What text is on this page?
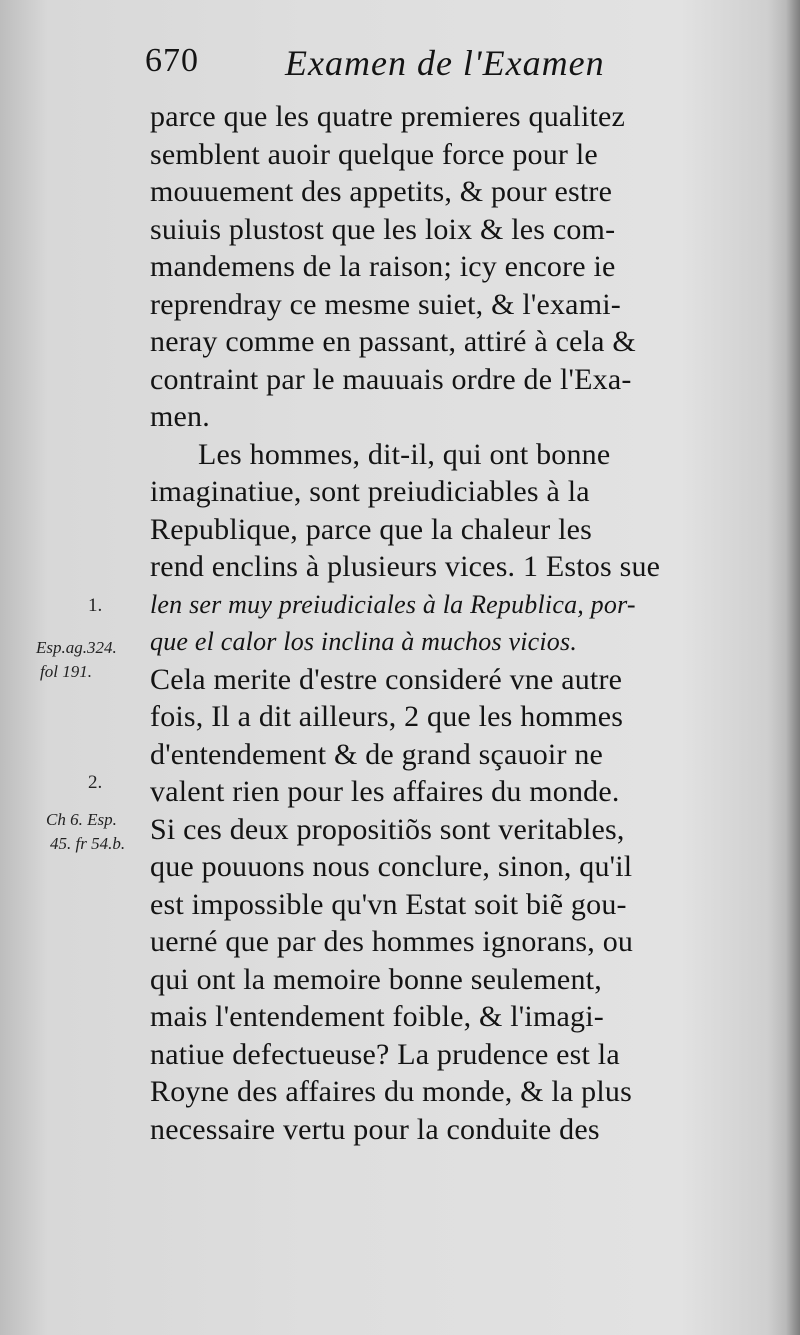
670 Examen de l'Examen
1.
Esp.ag.324.
fol 191.
2.
Ch 6. Esp.
45. fr 54.b.
parce que les quatre premieres qualitez
semblent auoir quelque force pour le
mouuement des appetits, & pour estre
suiuis plustost que les loix & les com-
mandemens de la raison; icy encore ie
reprendray ce mesme suiet, & l'exami-
neray comme en passant, attiré à cela &
contraint par le mauuais ordre de l'Exa-
men.
Les hommes, dit-il, qui ont bonne
imaginatiue, sont preiudiciables à la
Republique, parce que la chaleur les
rend enclins à plusieurs vices. 1 Estos sue
len ser muy preiudiciales à la Republica, por-
que el calor los inclina à muchos vicios.
Cela merite d'estre consideré vne autre
fois, Il a dit ailleurs, 2 que les hommes
d'entendement & de grand sçauoir ne
valent rien pour les affaires du monde.
Si ces deux propositiõs sont veritables,
que pouuons nous conclure, sinon, qu'il
est impossible qu'vn Estat soit biẽ gou-
uerné que par des hommes ignorans, ou
qui ont la memoire bonne seulement,
mais l'entendement foible, & l'imagi-
natiue defectueuse? La prudence est la
Royne des affaires du monde, & la plus
necessaire vertu pour la conduite des
